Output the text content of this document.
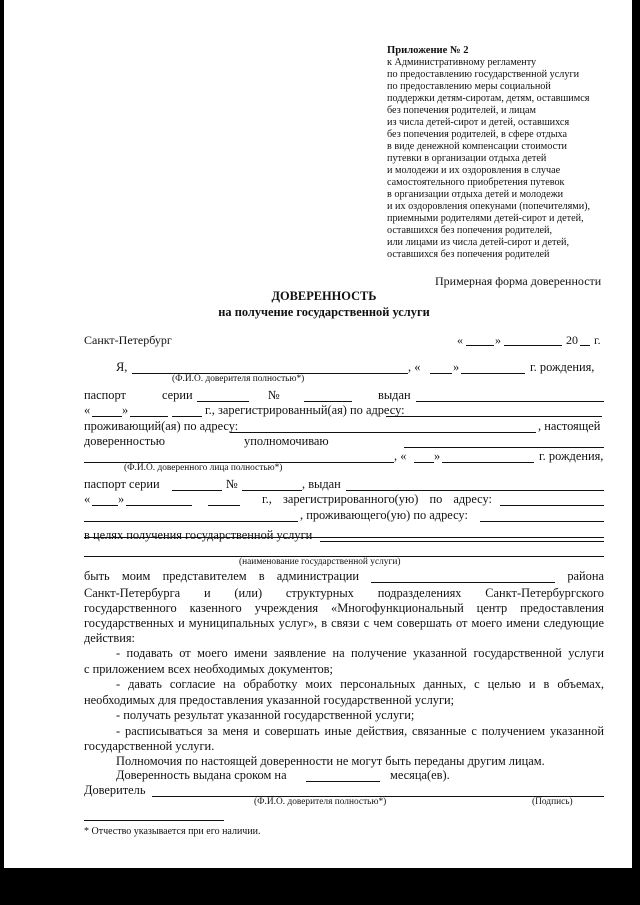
Приложение № 2
к Административному регламенту
по предоставлению государственной услуги
по предоставлению меры социальной
поддержки детям-сиротам, детям, оставшимся
без попечения родителей, и лицам
из числа детей-сирот и детей, оставшихся
без попечения родителей, в сфере отдыха
в виде денежной компенсации стоимости
путевки в организации отдыха детей
и молодежи и их оздоровления в случае
самостоятельного приобретения путевок
в организации отдыха детей и молодежи
и их оздоровления опекунами (попечителями),
приемными родителями детей-сирот и детей,
оставшихся без попечения родителей,
или лицами из числа детей-сирот и детей,
оставшихся без попечения родителей
Примерная форма доверенности
ДОВЕРЕННОСТЬ
на получение государственной услуги
Санкт-Петербург	«	»	20 г.
Я,	, «	»	г. рождения,
(Ф.И.О. доверителя полностью*)
паспорт	серии	№	выдан
«	»	г., зарегистрированный(ая) по адресу:
проживающий(ая) по адресу:	, настоящей
доверенностью	уполномочиваю
, « »	г. рождения,
(Ф.И.О. доверенного лица полностью*)
паспорт серии	№	, выдан
« »	г., зарегистрированного(ую) по адресу:
, проживающего(ую) по адресу:
в целях получения государственной услуги
(наименование государственной услуги)
быть моим представителем в администрации	района
Санкт-Петербурга и (или) структурных подразделениях Санкт-Петербургского
государственного казенного учреждения «Многофункциональный центр предоставления
государственных и муниципальных услуг», в связи с чем совершать от моего имени следующие
действия:
- подавать от моего имени заявление на получение указанной государственной услуги
с приложением всех необходимых документов;
- давать согласие на обработку моих персональных данных, с целью и в объемах,
необходимых для предоставления указанной государственной услуги;
- получать результат указанной государственной услуги;
- расписываться за меня и совершать иные действия, связанные с получением указанной
государственной услуги.
Полномочия по настоящей доверенности не могут быть переданы другим лицам.
Доверенность выдана сроком на	месяца(ев).
Доверитель
(Ф.И.О. доверителя полностью*)	(Подпись)
* Отчество указывается при его наличии.
